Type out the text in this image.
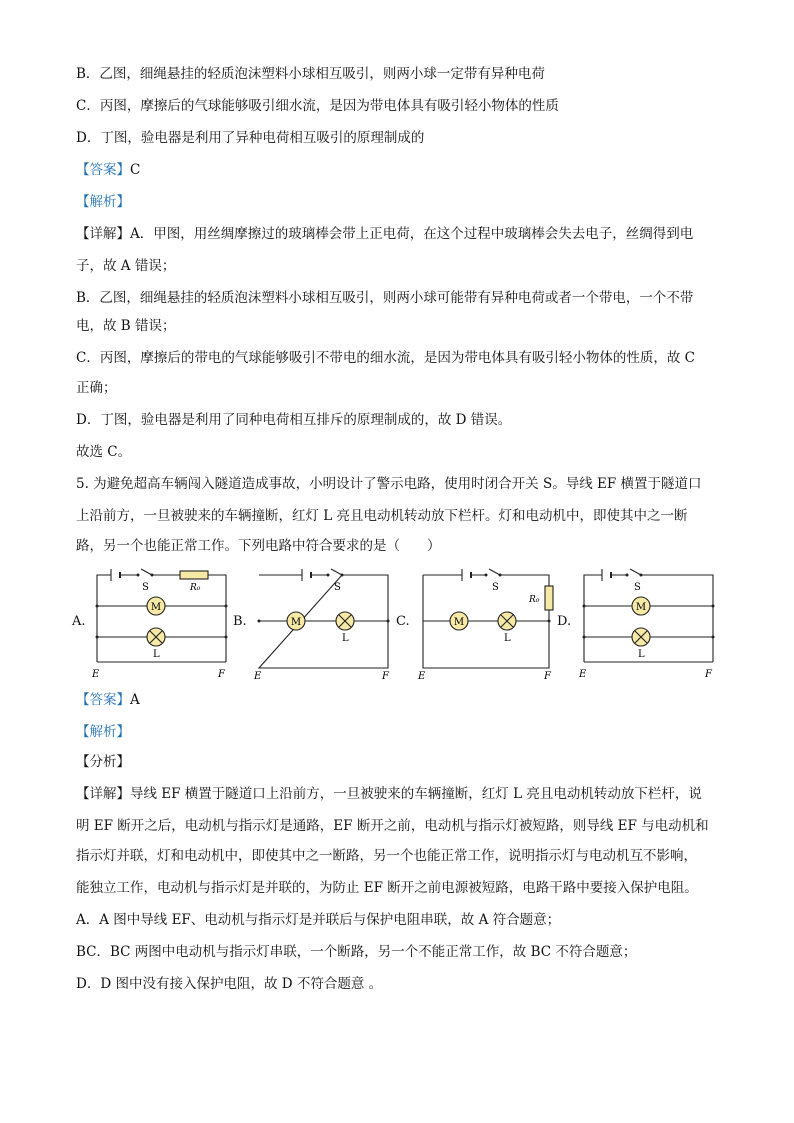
B．乙图，细绳悬挂的轻质泡沫塑料小球相互吸引，则两小球一定带有异种电荷
C．丙图，摩擦后的气球能够吸引细水流，是因为带电体具有吸引轻小物体的性质
D．丁图，验电器是利用了异种电荷相互吸引的原理制成的
【答案】C
【解析】
【详解】A．甲图，用丝绸摩擦过的玻璃棒会带上正电荷，在这个过程中玻璃棒会失去电子，丝绸得到电
子，故 A 错误；
B．乙图，细绳悬挂的轻质泡沫塑料小球相互吸引，则两小球可能带有异种电荷或者一个带电，一个不带
电，故 B 错误；
C．丙图，摩擦后的带电的气球能够吸引不带电的细水流，是因为带电体具有吸引轻小物体的性质，故 C
正确；
D．丁图，验电器是利用了同种电荷相互排斥的原理制成的，故 D 错误。
故选 C。
5. 为避免超高车辆闯入隧道造成事故，小明设计了警示电路，使用时闭合开关 S。导线 EF 横置于隧道口
上沿前方，一旦被驶来的车辆撞断，红灯 L 亮且电动机转动放下栏杆。灯和电动机中，即使其中之一断
路，另一个也能正常工作。下列电路中符合要求的是（　　）
A.	B.	C.	D.
S	R₀
M
L
E	F
S
M
L
E	F
S
R₀
M
L
E	F
S
M
L
E	F
【答案】A
【解析】
【分析】
【详解】导线 EF 横置于隧道口上沿前方，一旦被驶来的车辆撞断，红灯 L 亮且电动机转动放下栏杆，说
明 EF 断开之后，电动机与指示灯是通路，EF 断开之前，电动机与指示灯被短路，则导线 EF 与电动机和
指示灯并联，灯和电动机中，即使其中之一断路，另一个也能正常工作，说明指示灯与电动机互不影响，
能独立工作，电动机与指示灯是并联的，为防止 EF 断开之前电源被短路，电路干路中要接入保护电阻。
A．A 图中导线 EF、电动机与指示灯是并联后与保护电阻串联，故 A 符合题意；
BC．BC 两图中电动机与指示灯串联，一个断路，另一个不能正常工作，故 BC 不符合题意；
D．D 图中没有接入保护电阻，故 D 不符合题意 。
